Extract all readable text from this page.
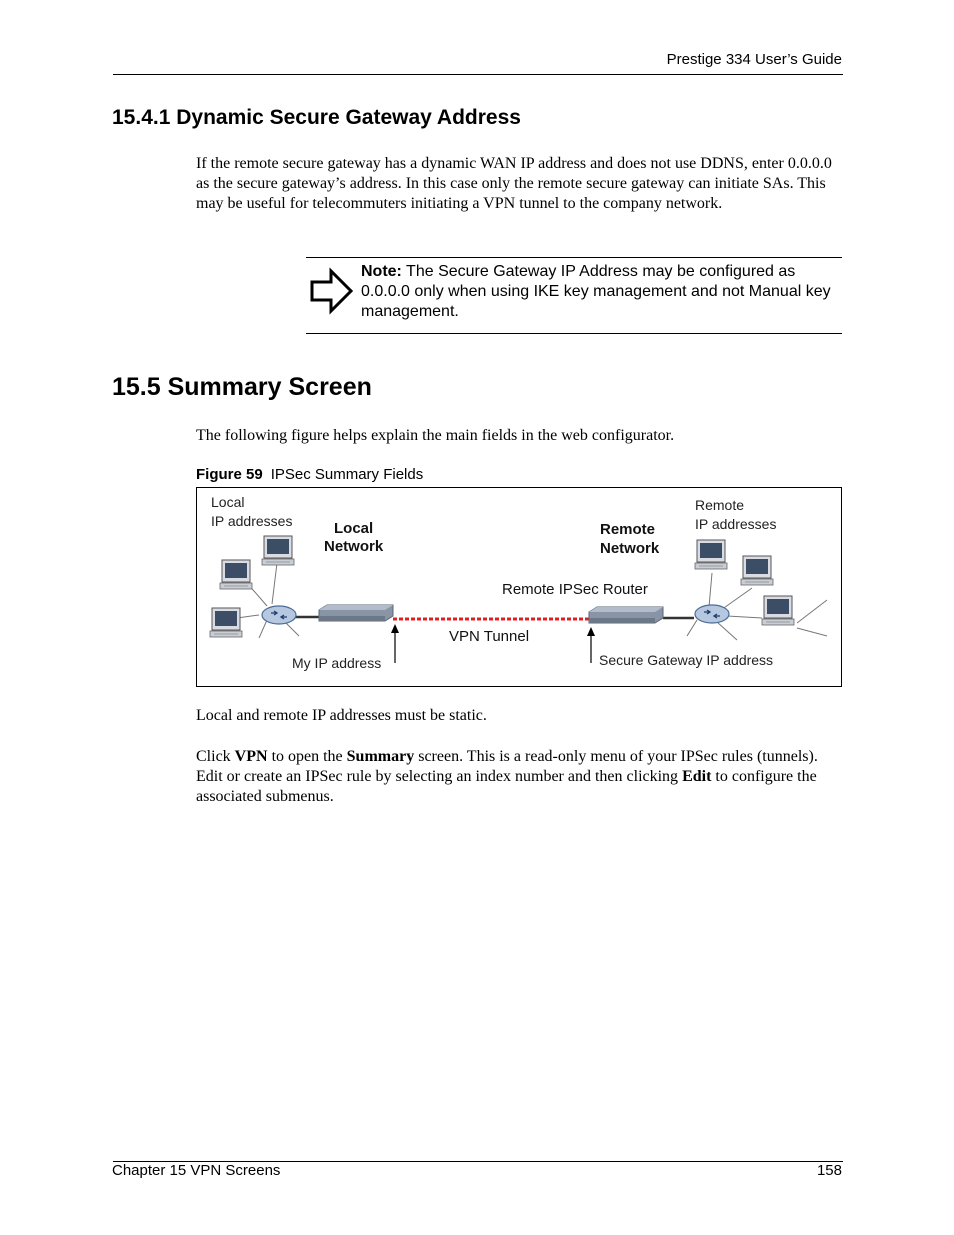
Prestige 334 User’s Guide
15.4.1 Dynamic Secure Gateway Address
If the remote secure gateway has a dynamic WAN IP address and does not use DDNS, enter 0.0.0.0 as the secure gateway’s address. In this case only the remote secure gateway can initiate SAs. This may be useful for telecommuters initiating a VPN tunnel to the company network.
Note: The Secure Gateway IP Address may be configured as 0.0.0.0 only when using IKE key management and not Manual key management.
15.5 Summary Screen
The following figure helps explain the main fields in the web configurator.
Figure 59 IPSec Summary Fields
Local
IP addresses	Local
Network
Remote
Network
Remote
IP addresses
Remote IPSec Router
VPN Tunnel
My IP address	Secure Gateway IP address
Local and remote IP addresses must be static.
Click VPN to open the Summary screen. This is a read-only menu of your IPSec rules (tunnels). Edit or create an IPSec rule by selecting an index number and then clicking Edit to configure the associated submenus.
Chapter 15 VPN Screens	158
